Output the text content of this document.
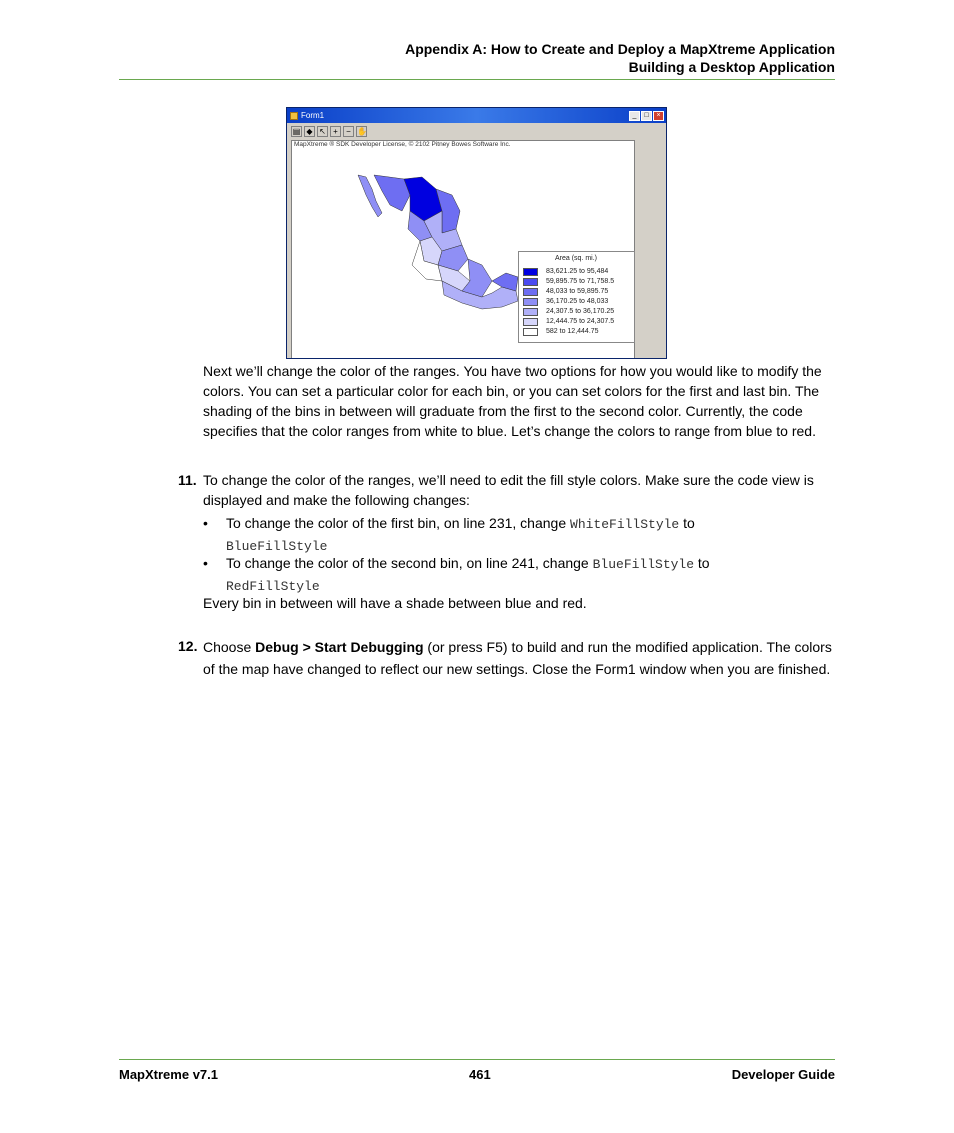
Appendix A: How to Create and Deploy a MapXtreme Application
Building a Desktop Application
Form1	_	□	×
▤ ◆ ↖ +	− ✋
MapXtreme ® SDK Developer License, © 2102 Pitney Bowes Software Inc.
Area (sq. mi.)
83,621.25 to 95,484
59,895.75 to 71,758.5
48,033 to 59,895.75
36,170.25 to 48,033
24,307.5 to 36,170.25
12,444.75 to 24,307.5
582 to 12,444.75
Next we’ll change the color of the ranges. You have two options for how you would like to modify the colors. You can set a particular color for each bin, or you can set colors for the first and last bin. The shading of the bins in between will graduate from the first to the second color. Currently, the code specifies that the color ranges from white to blue. Let’s change the colors to range from blue to red.
11. To change the color of the ranges, we’ll need to edit the fill style colors. Make sure the code view is displayed and make the following changes:
• To change the color of the first bin, on line 231, change WhiteFillStyle to
BlueFillStyle
• To change the color of the second bin, on line 241, change BlueFillStyle to
RedFillStyle
Every bin in between will have a shade between blue and red.
12. Choose Debug > Start Debugging (or press F5) to build and run the modified application. The colors of the map have changed to reflect our new settings. Close the Form1 window when you are finished.
MapXtreme v7.1	461	Developer Guide
